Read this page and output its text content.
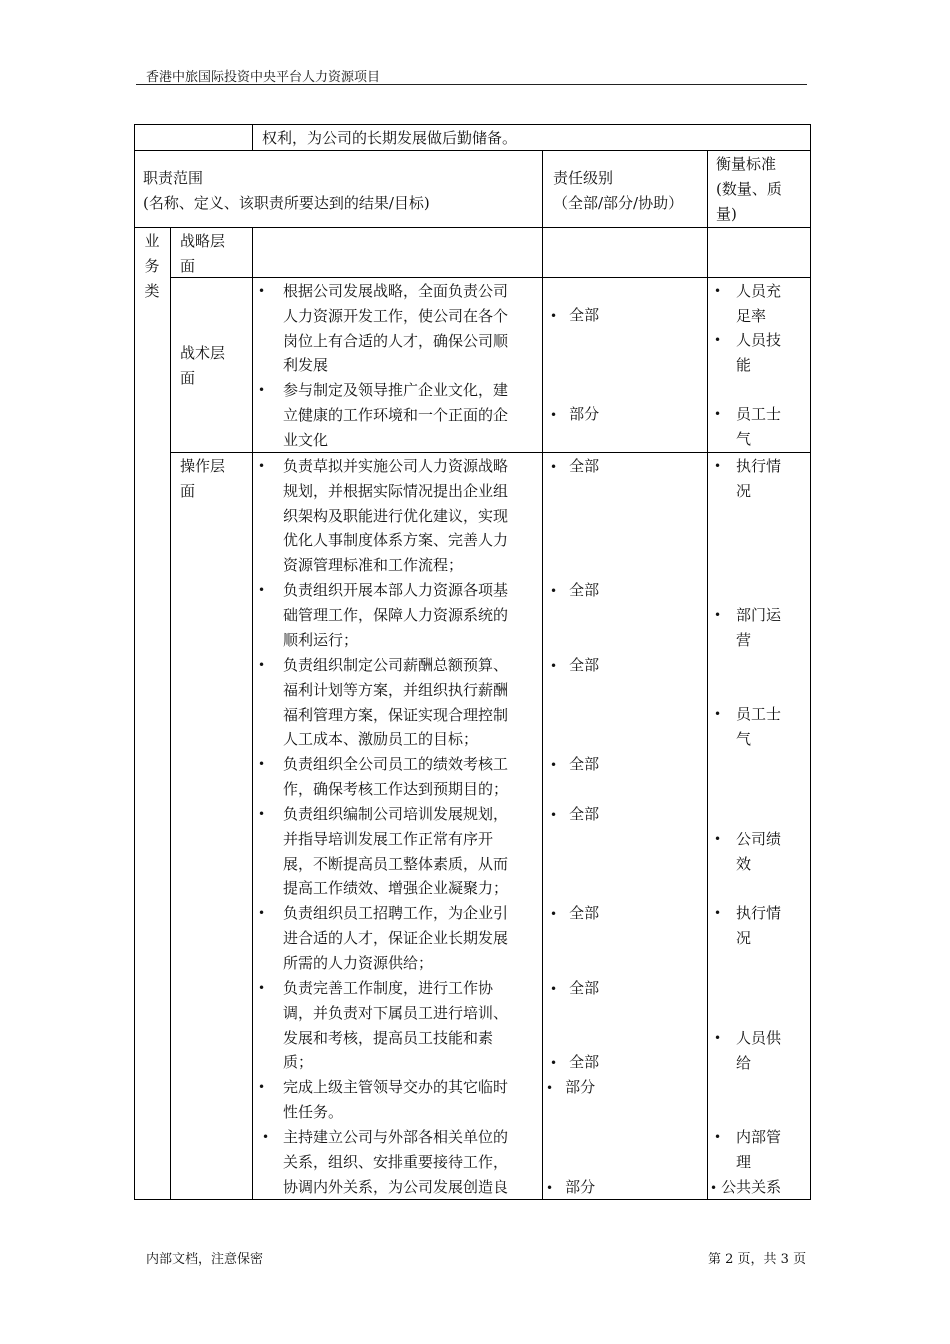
香港中旅国际投资中央平台人力资源项目
权利，为公司的长期发展做后勤储备。
职责范围
(名称、定义、该职责所要达到的结果/目标)
责任级别
（全部/部分/协助）
衡量标准
(数量、质
量)
业
务
类
战略层
面
战术层
面
• 根据公司发展战略，全面负责公司
人力资源开发工作，使公司在各个
岗位上有合适的人才，确保公司顺
利发展
• 参与制定及领导推广企业文化，建
立健康的工作环境和一个正面的企
业文化
• 全部
• 部分
• 人员充
足率
• 人员技
能
• 员工士
气
操作层
面
• 负责草拟并实施公司人力资源战略
规划，并根据实际情况提出企业组
织架构及职能进行优化建议，实现
优化人事制度体系方案、完善人力
资源管理标准和工作流程；
• 负责组织开展本部人力资源各项基
础管理工作，保障人力资源系统的
顺利运行；
• 负责组织制定公司薪酬总额预算、
福利计划等方案，并组织执行薪酬
福利管理方案，保证实现合理控制
人工成本、激励员工的目标；
• 负责组织全公司员工的绩效考核工
作，确保考核工作达到预期目的；
• 负责组织编制公司培训发展规划，
并指导培训发展工作正常有序开
展，不断提高员工整体素质，从而
提高工作绩效、增强企业凝聚力；
• 负责组织员工招聘工作，为企业引
进合适的人才，保证企业长期发展
所需的人力资源供给；
• 负责完善工作制度，进行工作协
调，并负责对下属员工进行培训、
发展和考核，提高员工技能和素
质；
• 完成上级主管领导交办的其它临时
性任务。
• 主持建立公司与外部各相关单位的
关系，组织、安排重要接待工作，
协调内外关系，为公司发展创造良
• 全部
• 全部
• 全部
• 全部
• 全部
• 全部
• 全部
• 全部
• 部分
• 部分
• 执行情
况
• 部门运
营
• 员工士
气
• 公司绩
效
• 执行情
况
• 人员供
给
• 内部管
理
• 公共关系
内部文档，注意保密	第 2 页，共 3 页
